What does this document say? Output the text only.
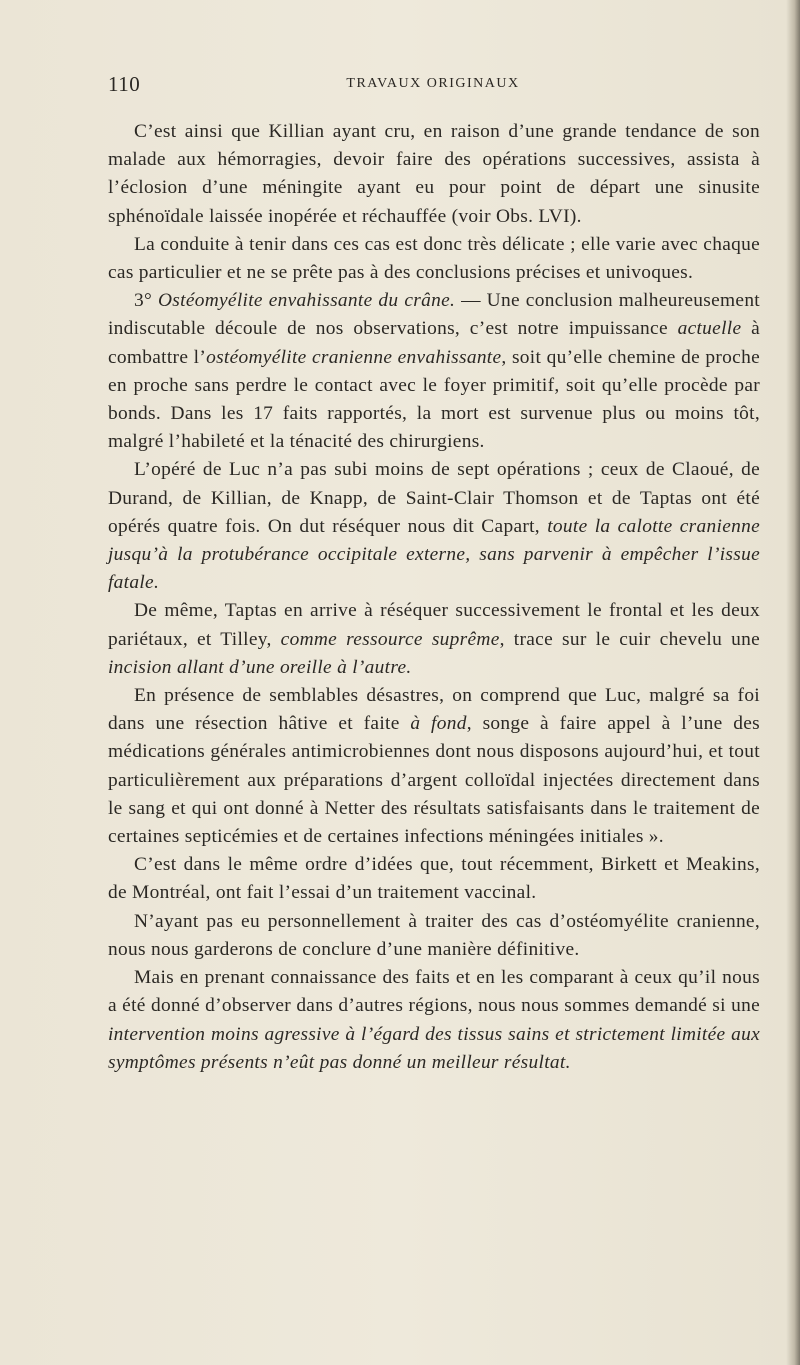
110	TRAVAUX ORIGINAUX

C’est ainsi que Killian ayant cru, en raison d’une grande tendance de son malade aux hémorragies, devoir faire des opérations successives, assista à l’éclosion d’une méningite ayant eu pour point de départ une sinusite sphénoïdale laissée inopérée et réchauffée (voir Obs. LVI).

La conduite à tenir dans ces cas est donc très délicate ; elle varie avec chaque cas particulier et ne se prête pas à des conclusions précises et univoques.

3° Ostéomyélite envahissante du crâne. — Une conclusion malheureusement indiscutable découle de nos observations, c’est notre impuissance actuelle à combattre l’ostéomyélite cranienne envahissante, soit qu’elle chemine de proche en proche sans perdre le contact avec le foyer primitif, soit qu’elle procède par bonds. Dans les 17 faits rapportés, la mort est survenue plus ou moins tôt, malgré l’habileté et la ténacité des chirurgiens.

L’opéré de Luc n’a pas subi moins de sept opérations ; ceux de Claoué, de Durand, de Killian, de Knapp, de Saint-Clair Thomson et de Taptas ont été opérés quatre fois. On dut réséquer nous dit Capart, toute la calotte cranienne jusqu’à la protubérance occipitale externe, sans parvenir à empêcher l’issue fatale.

De même, Taptas en arrive à réséquer successivement le frontal et les deux pariétaux, et Tilley, comme ressource suprême, trace sur le cuir chevelu une incision allant d’une oreille à l’autre.

En présence de semblables désastres, on comprend que Luc, malgré sa foi dans une résection hâtive et faite à fond, songe à faire appel à l’une des médications générales antimicrobiennes dont nous disposons aujourd’hui, et tout particulièrement aux préparations d’argent colloïdal injectées directement dans le sang et qui ont donné à Netter des résultats satisfaisants dans le traitement de certaines septicémies et de certaines infections méningées initiales ».

C’est dans le même ordre d’idées que, tout récemment, Birkett et Meakins, de Montréal, ont fait l’essai d’un traitement vaccinal.

N’ayant pas eu personnellement à traiter des cas d’ostéomyélite cranienne, nous nous garderons de conclure d’une manière définitive.

Mais en prenant connaissance des faits et en les comparant à ceux qu’il nous a été donné d’observer dans d’autres régions, nous nous sommes demandé si une intervention moins agressive à l’égard des tissus sains et strictement limitée aux symptômes présents n’eût pas donné un meilleur résultat.
